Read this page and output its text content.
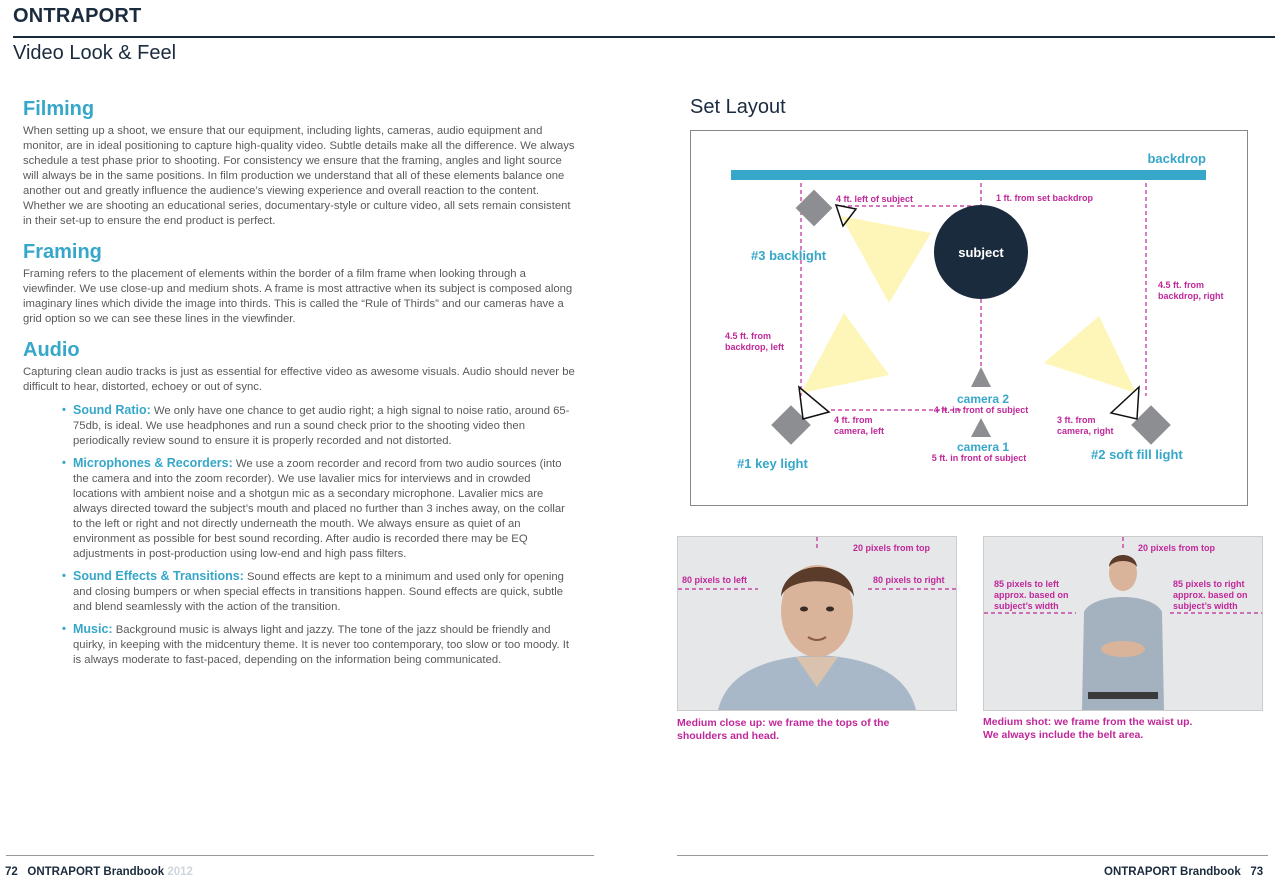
ONTRAPORT
Video Look & Feel
Filming

When setting up a shoot, we ensure that our equipment, including lights, cameras, audio equipment and monitor, are in ideal positioning to capture high-quality video. Subtle details make all the difference. We always schedule a test phase prior to shooting. For consistency we ensure that the framing, angles and light source will always be in the same positions. In film production we understand that all of these elements balance one another out and greatly influence the audience’s viewing experience and overall reaction to the content. Whether we are shooting an educational series, documentary-style or culture video, all sets remain consistent in their set-up to ensure the end product is perfect.

Framing

Framing refers to the placement of elements within the border of a film frame when looking through a viewfinder. We use close-up and medium shots. A frame is most attractive when its subject is composed along imaginary lines which divide the image into thirds. This is called the “Rule of Thirds” and our cameras have a grid option so we can see these lines in the viewfinder.

Audio

Capturing clean audio tracks is just as essential for effective video as awesome visuals. Audio should never be difficult to hear, distorted, echoey or out of sync.

• Sound Ratio: We only have one chance to get audio right; a high signal to noise ratio, around 65-75db, is ideal. We use headphones and run a sound check prior to the shooting video then periodically review sound to ensure it is properly recorded and not distorted.
• Microphones & Recorders: We use a zoom recorder and record from two audio sources (into the camera and into the zoom recorder). We use lavalier mics for interviews and in crowded locations with ambient noise and a shotgun mic as a secondary microphone. Lavalier mics are always directed toward the subject’s mouth and placed no further than 3 inches away, on the collar to the left or right and not directly underneath the mouth. We always ensure as quiet of an environment as possible for best sound recording. After audio is recorded there may be EQ adjustments in post-production using low-end and high pass filters.
• Sound Effects & Transitions: Sound effects are kept to a minimum and used only for opening and closing bumpers or when special effects in transitions happen. Sound effects are quick, subtle and blend seamlessly with the action of the transition.
• Music: Background music is always light and jazzy. The tone of the jazz should be friendly and quirky, in keeping with the midcentury theme. It is never too contemporary, too slow or too moody. It is always moderate to fast-paced, depending on the information being communicated.
Set Layout
backdrop
#3 backlight
4 ft. left of subject	1 ft. from set backdrop
subject
4.5 ft. from
backdrop, right
4.5 ft. from
backdrop, left
#1 key light
4 ft. from
camera, left
camera 2
4 ft. in front of subject
camera 1
5 ft. in front of subject	#2 soft fill light
3 ft. from
camera, right
20 pixels from top
80 pixels to left	80 pixels to right
Medium close up: we frame the tops of the
shoulders and head.
20 pixels from top
85 pixels to left
approx. based on
subject’s width
85 pixels to right
approx. based on
subject’s width
Medium shot: we frame from the waist up.
We always include the belt area.
72 ONTRAPORT Brandbook 2012	ONTRAPORT Brandbook 73
